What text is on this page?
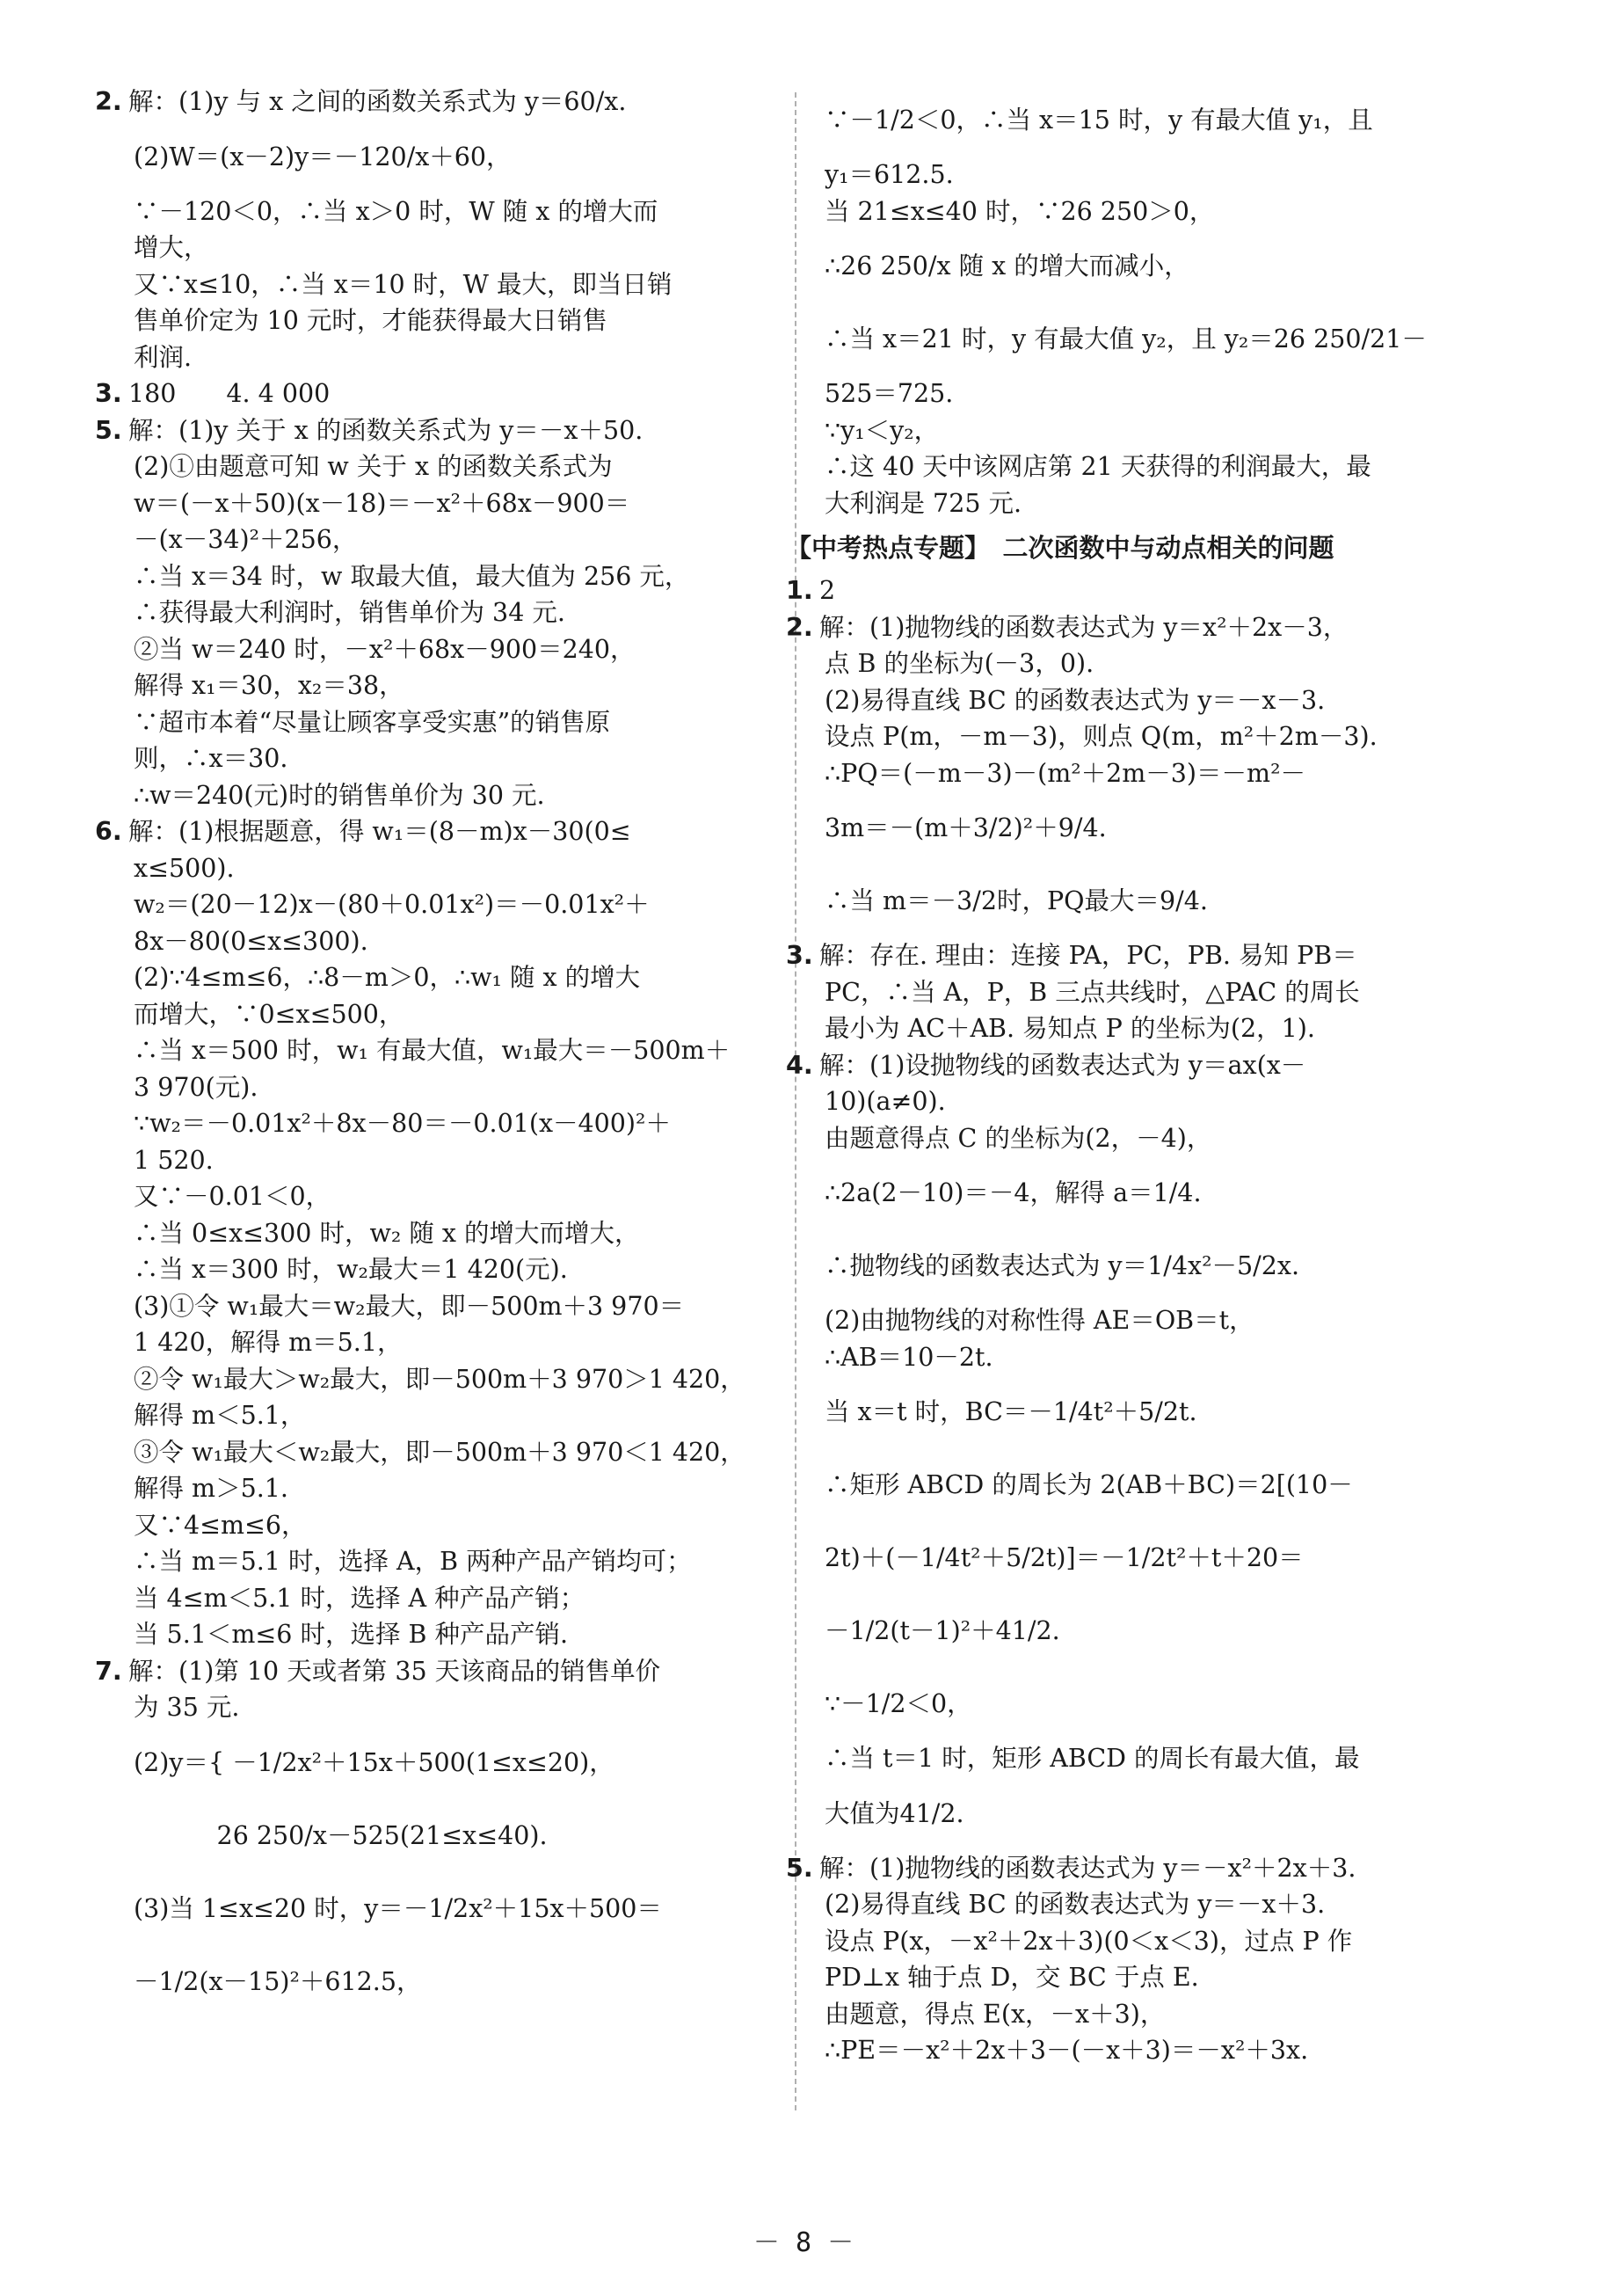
2. 解：(1)y 与 x 之间的函数关系式为 y＝60/x.
(2)W＝(x－2)y＝－120/x＋60，
∵－120＜0，∴当 x＞0 时，W 随 x 的增大而
增大，
又∵x≤10，∴当 x＝10 时，W 最大，即当日销
售单价定为 10 元时，才能获得最大日销售
利润.
3. 180　　4. 4 000
5. 解：(1)y 关于 x 的函数关系式为 y＝－x＋50.
(2)①由题意可知 w 关于 x 的函数关系式为
w＝(－x＋50)(x－18)＝－x²＋68x－900＝
－(x－34)²＋256，
∴当 x＝34 时，w 取最大值，最大值为 256 元，
∴获得最大利润时，销售单价为 34 元.
②当 w＝240 时，－x²＋68x－900＝240，
解得 x₁＝30，x₂＝38，
∵超市本着“尽量让顾客享受实惠”的销售原
则，∴x＝30.
∴w＝240(元)时的销售单价为 30 元.
6. 解：(1)根据题意，得 w₁＝(8－m)x－30(0≤
x≤500).
w₂＝(20－12)x－(80＋0.01x²)＝－0.01x²＋
8x－80(0≤x≤300).
(2)∵4≤m≤6，∴8－m＞0，∴w₁ 随 x 的增大
而增大，∵0≤x≤500，
∴当 x＝500 时，w₁ 有最大值，w₁最大＝－500m＋
3 970(元).
∵w₂＝－0.01x²＋8x－80＝－0.01(x－400)²＋
1 520.
又∵－0.01＜0，
∴当 0≤x≤300 时，w₂ 随 x 的增大而增大，
∴当 x＝300 时，w₂最大＝1 420(元).
(3)①令 w₁最大＝w₂最大，即－500m＋3 970＝
1 420，解得 m＝5.1，
②令 w₁最大＞w₂最大，即－500m＋3 970＞1 420，
解得 m＜5.1，
③令 w₁最大＜w₂最大，即－500m＋3 970＜1 420，
解得 m＞5.1.
又∵4≤m≤6，
∴当 m＝5.1 时，选择 A，B 两种产品产销均可；
当 4≤m＜5.1 时，选择 A 种产品产销；
当 5.1＜m≤6 时，选择 B 种产品产销.
7. 解：(1)第 10 天或者第 35 天该商品的销售单价
为 35 元.
(2)y＝{ －1/2x²＋15x＋500(1≤x≤20)，
　　　 26 250/x－525(21≤x≤40).
(3)当 1≤x≤20 时，y＝－1/2x²＋15x＋500＝
－1/2(x－15)²＋612.5，
∵－1/2＜0，∴当 x＝15 时，y 有最大值 y₁，且
y₁＝612.5.
当 21≤x≤40 时，∵26 250＞0，
∴26 250/x 随 x 的增大而减小，
∴当 x＝21 时，y 有最大值 y₂，且 y₂＝26 250/21－
525＝725.
∵y₁＜y₂，
∴这 40 天中该网店第 21 天获得的利润最大，最
大利润是 725 元.
【中考热点专题】　二次函数中与动点相关的问题
1. 2
2. 解：(1)抛物线的函数表达式为 y＝x²＋2x－3，
点 B 的坐标为(－3，0).
(2)易得直线 BC 的函数表达式为 y＝－x－3.
设点 P(m，－m－3)，则点 Q(m，m²＋2m－3).
∴PQ＝(－m－3)－(m²＋2m－3)＝－m²－
3m＝－(m＋3/2)²＋9/4.
∴当 m＝－3/2时，PQ最大＝9/4.
3. 解：存在. 理由：连接 PA，PC，PB. 易知 PB＝
PC，∴当 A，P，B 三点共线时，△PAC 的周长
最小为 AC＋AB. 易知点 P 的坐标为(2，1).
4. 解：(1)设抛物线的函数表达式为 y＝ax(x－
10)(a≠0).
由题意得点 C 的坐标为(2，－4)，
∴2a(2－10)＝－4，解得 a＝1/4.
∴抛物线的函数表达式为 y＝1/4x²－5/2x.
(2)由抛物线的对称性得 AE＝OB＝t，
∴AB＝10－2t.
当 x＝t 时，BC＝－1/4t²＋5/2t.
∴矩形 ABCD 的周长为 2(AB＋BC)＝2[(10－
2t)＋(－1/4t²＋5/2t)]＝－1/2t²＋t＋20＝
－1/2(t－1)²＋41/2.
∵－1/2＜0，
∴当 t＝1 时，矩形 ABCD 的周长有最大值，最
大值为41/2.
5. 解：(1)抛物线的函数表达式为 y＝－x²＋2x＋3.
(2)易得直线 BC 的函数表达式为 y＝－x＋3.
设点 P(x，－x²＋2x＋3)(0＜x＜3)，过点 P 作
PD⊥x 轴于点 D，交 BC 于点 E.
由题意，得点 E(x，－x＋3)，
∴PE＝－x²＋2x＋3－(－x＋3)＝－x²＋3x.
－ 8 －
